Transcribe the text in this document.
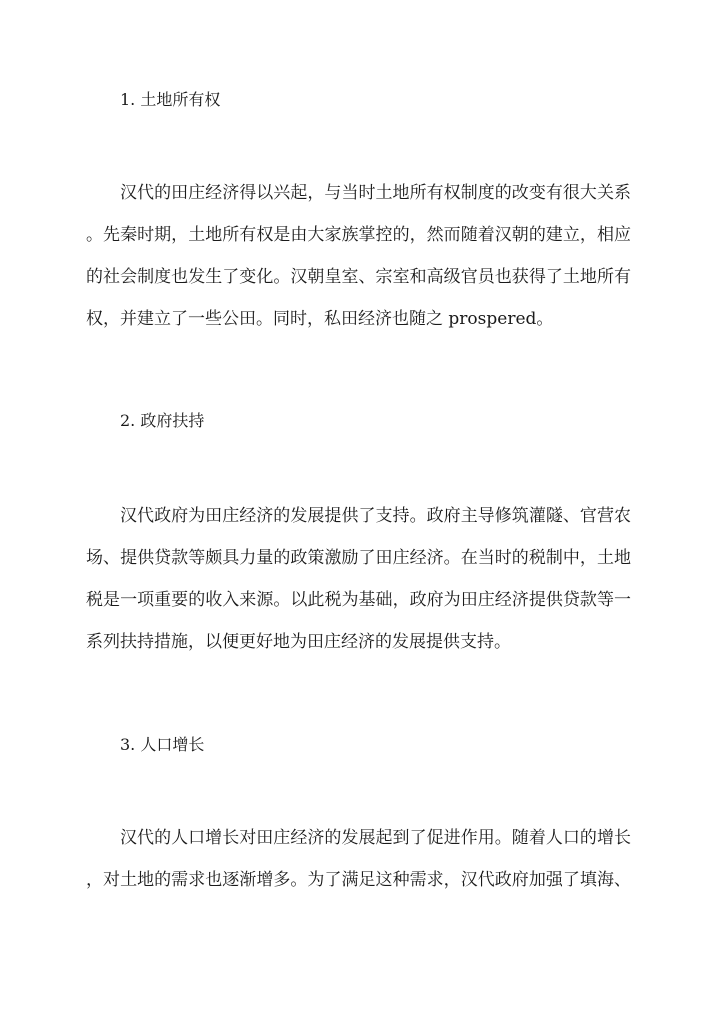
1. 土地所有权
汉代的田庄经济得以兴起，与当时土地所有权制度的改变有很大关系
。先秦时期，土地所有权是由大家族掌控的，然而随着汉朝的建立，相应
的社会制度也发生了变化。汉朝皇室、宗室和高级官员也获得了土地所有
权，并建立了一些公田。同时，私田经济也随之 prospered。
2. 政府扶持
汉代政府为田庄经济的发展提供了支持。政府主导修筑灌隧、官营农
场、提供贷款等颇具力量的政策激励了田庄经济。在当时的税制中，土地
税是一项重要的收入来源。以此税为基础，政府为田庄经济提供贷款等一
系列扶持措施，以便更好地为田庄经济的发展提供支持。
3. 人口增长
汉代的人口增长对田庄经济的发展起到了促进作用。随着人口的增长
，对土地的需求也逐渐增多。为了满足这种需求，汉代政府加强了填海、
